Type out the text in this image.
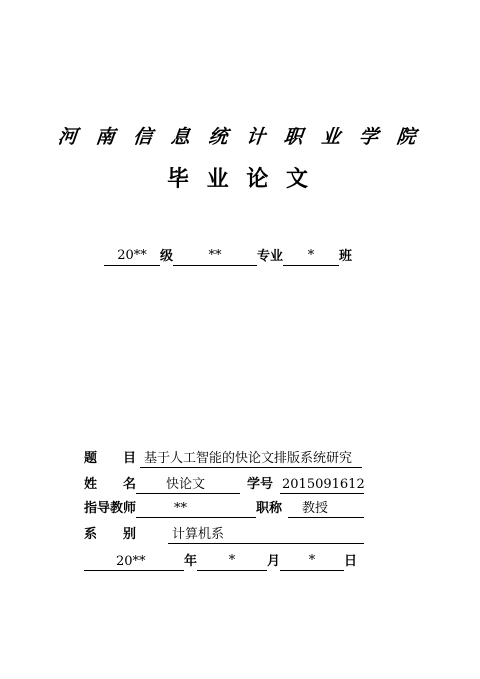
河 南 信 息 统 计 职 业 学 院
毕 业 论 文
20** 级	**	专业 * 班
题　　目 基于人工智能的快论文排版系统研究
姓　　名 快论文	学号 2015091612
指导教师	**	职称 教授
系　　别	计算机系
20**	年 * 月 * 日
